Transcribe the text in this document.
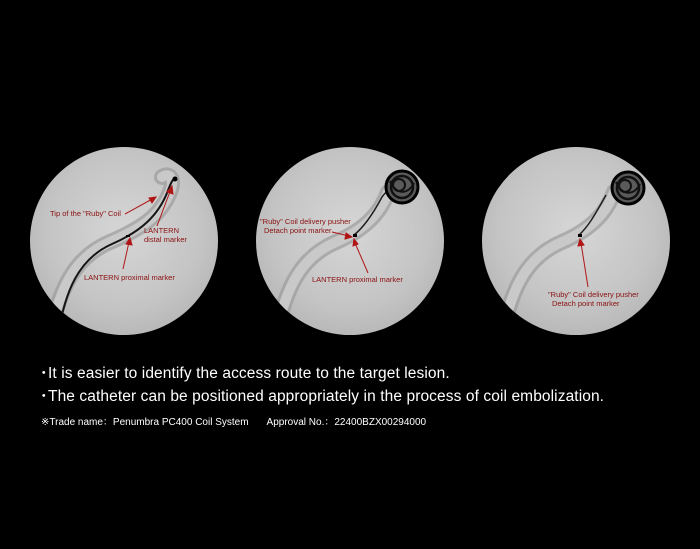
Tip of the "Ruby" Coil
LANTERN
distal marker
LANTERN proximal marker
"Ruby" Coil delivery pusher
Detach point marker
LANTERN proximal marker
"Ruby" Coil delivery pusher
Detach point marker
・It is easier to identify the access route to the target lesion.
・The catheter can be positioned appropriately in the process of coil embolization.
※Trade name：Penumbra PC400 Coil System Approval No.：22400BZX00294000
